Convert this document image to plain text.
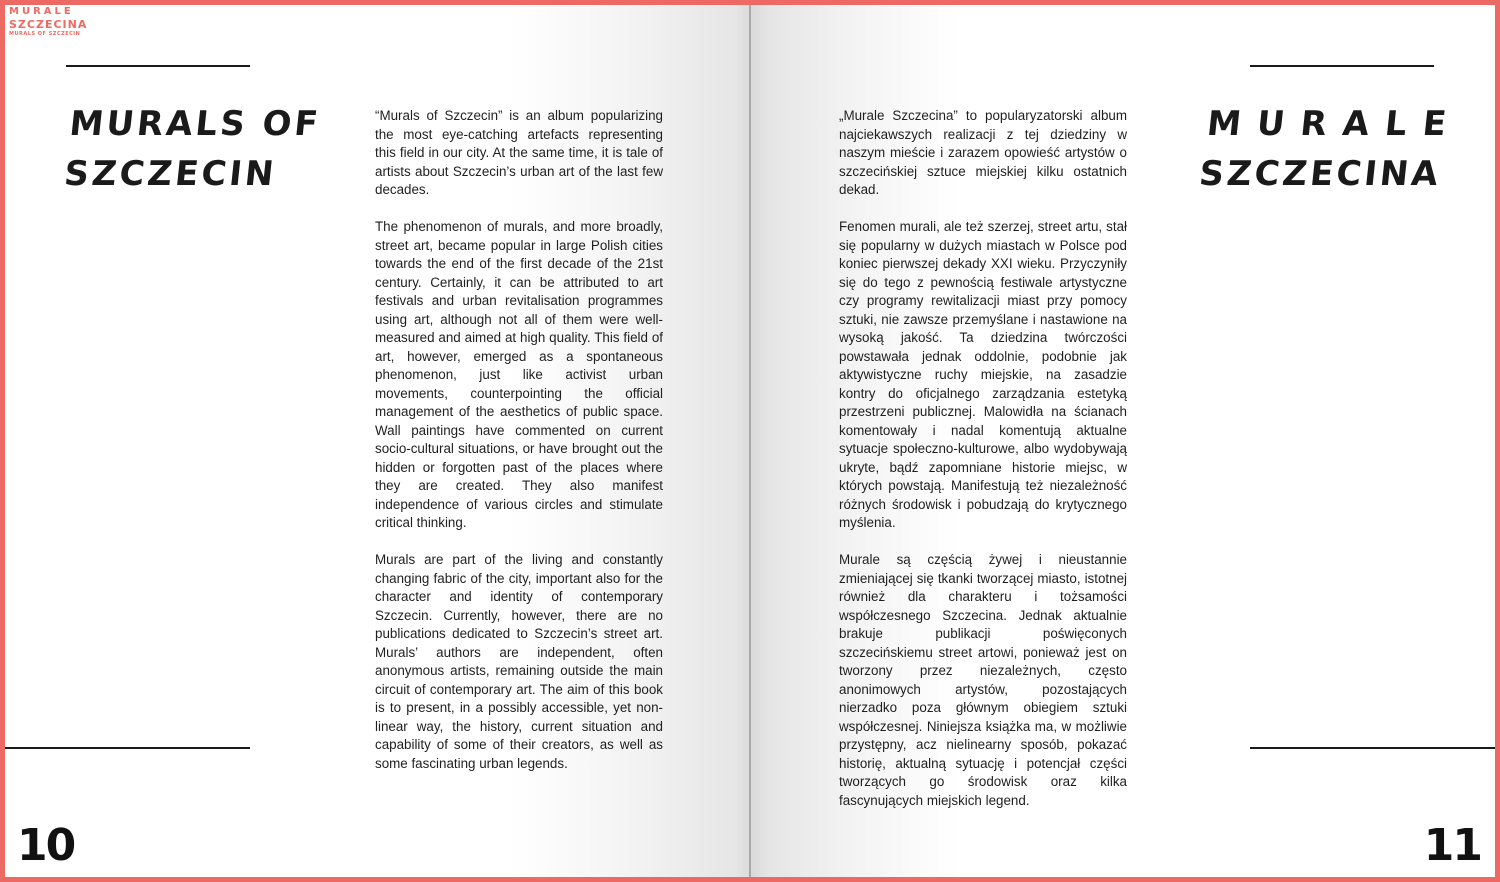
MURALE
SZCZECINA
MURALS OF SZCZECIN
MURALS OF
SZCZECIN

“Murals of Szczecin” is an album popularizing the most eye-catching artefacts representing this field in our city. At the same time, it is tale of artists about Szczecin’s urban art of the last few decades.

The phenomenon of murals, and more broadly, street art, became popular in large Polish cities towards the end of the first decade of the 21st century. Certainly, it can be attributed to art festivals and urban revitalisation programmes using art, although not all of them were well-measured and aimed at high quality. This field of art, however, emerged as a spontaneous phenomenon, just like activist urban movements, counterpointing the official management of the aesthetics of public space. Wall paintings have commented on current socio-cultural situations, or have brought out the hidden or forgotten past of the places where they are created. They also manifest independence of various circles and stimulate critical thinking.

Murals are part of the living and constantly changing fabric of the city, important also for the character and identity of contemporary Szczecin. Currently, however, there are no publications dedicated to Szczecin’s street art. Murals’ authors are independent, often anonymous artists, remaining outside the main circuit of contemporary art. The aim of this book is to present, in a possibly accessible, yet non-linear way, the history, current situation and capability of some of their creators, as well as some fascinating urban legends.

10

MURALE
SZCZECINA

„Murale Szczecina” to popularyzatorski album najciekawszych realizacji z tej dziedziny w naszym mieście i zarazem opowieść artystów o szczecińskiej sztuce miejskiej kilku ostatnich dekad.

Fenomen murali, ale też szerzej, street artu, stał się popularny w dużych miastach w Polsce pod koniec pierwszej dekady XXI wieku. Przyczyniły się do tego z pewnością festiwale artystyczne czy programy rewitalizacji miast przy pomocy sztuki, nie zawsze przemyślane i nastawione na wysoką jakość. Ta dziedzina twórczości powstawała jednak oddolnie, podobnie jak aktywistyczne ruchy miejskie, na zasadzie kontry do oficjalnego zarządzania estetyką przestrzeni publicznej. Malowidła na ścianach komentowały i nadal komentują aktualne sytuacje społeczno-kulturowe, albo wydobywają ukryte, bądź zapomniane historie miejsc, w których powstają. Manifestują też niezależność różnych środowisk i pobudzają do krytycznego myślenia.

Murale są częścią żywej i nieustannie zmieniającej się tkanki tworzącej miasto, istotnej również dla charakteru i tożsamości współczesnego Szczecina. Jednak aktualnie brakuje publikacji poświęconych szczecińskiemu street artowi, ponieważ jest on tworzony przez niezależnych, często anonimowych artystów, pozostających nierzadko poza głównym obiegiem sztuki współczesnej. Niniejsza książka ma, w możliwie przystępny, acz nielinearny sposób, pokazać historię, aktualną sytuację i potencjał części tworzących go środowisk oraz kilka fascynujących miejskich legend.

11
